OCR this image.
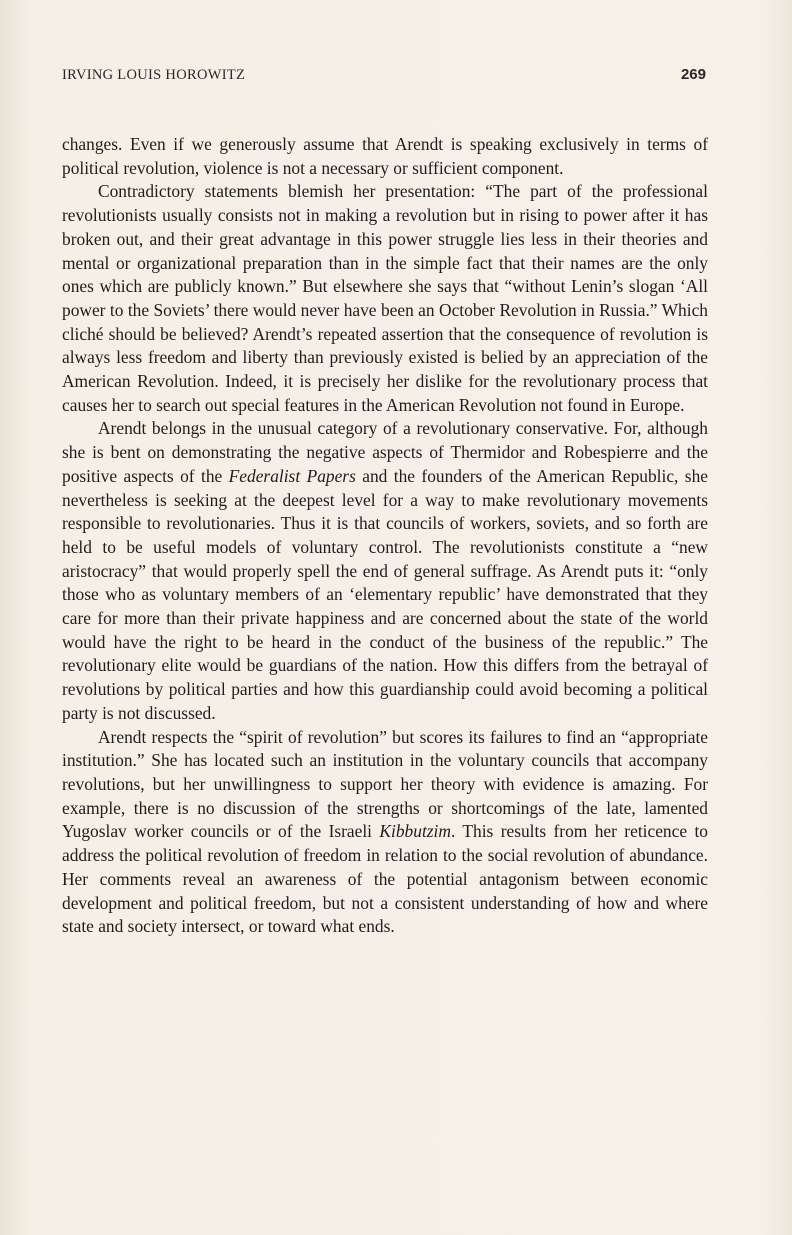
IRVING LOUIS HOROWITZ	269

changes. Even if we generously assume that Arendt is speaking exclusively in terms of political revolution, violence is not a necessary or sufficient component.

Contradictory statements blemish her presentation: “The part of the professional revolutionists usually consists not in making a revolution but in rising to power after it has broken out, and their great advantage in this power struggle lies less in their theories and mental or organizational preparation than in the simple fact that their names are the only ones which are publicly known.” But elsewhere she says that “without Lenin’s slogan ‘All power to the Soviets’ there would never have been an October Revolution in Russia.” Which cliché should be believed? Arendt’s repeated assertion that the consequence of revolution is always less freedom and liberty than previously existed is belied by an appreciation of the American Revolution. Indeed, it is precisely her dislike for the revolutionary process that causes her to search out special features in the American Revolution not found in Europe.

Arendt belongs in the unusual category of a revolutionary conservative. For, although she is bent on demonstrating the negative aspects of Thermidor and Robespierre and the positive aspects of the Federalist Papers and the founders of the American Republic, she nevertheless is seeking at the deepest level for a way to make revolutionary movements responsible to revolutionaries. Thus it is that councils of workers, soviets, and so forth are held to be useful models of voluntary control. The revolutionists constitute a “new aristocracy” that would properly spell the end of general suffrage. As Arendt puts it: “only those who as voluntary members of an ‘elementary republic’ have demonstrated that they care for more than their private happiness and are concerned about the state of the world would have the right to be heard in the conduct of the business of the republic.” The revolutionary elite would be guardians of the nation. How this differs from the betrayal of revolutions by political parties and how this guardianship could avoid becoming a political party is not discussed.

Arendt respects the “spirit of revolution” but scores its failures to find an “appropriate institution.” She has located such an institution in the voluntary councils that accompany revolutions, but her unwillingness to support her theory with evidence is amazing. For example, there is no discussion of the strengths or shortcomings of the late, lamented Yugoslav worker councils or of the Israeli Kibbutzim. This results from her reticence to address the political revolution of freedom in relation to the social revolution of abundance. Her comments reveal an awareness of the potential antagonism between economic development and political freedom, but not a consistent understanding of how and where state and society intersect, or toward what ends.
